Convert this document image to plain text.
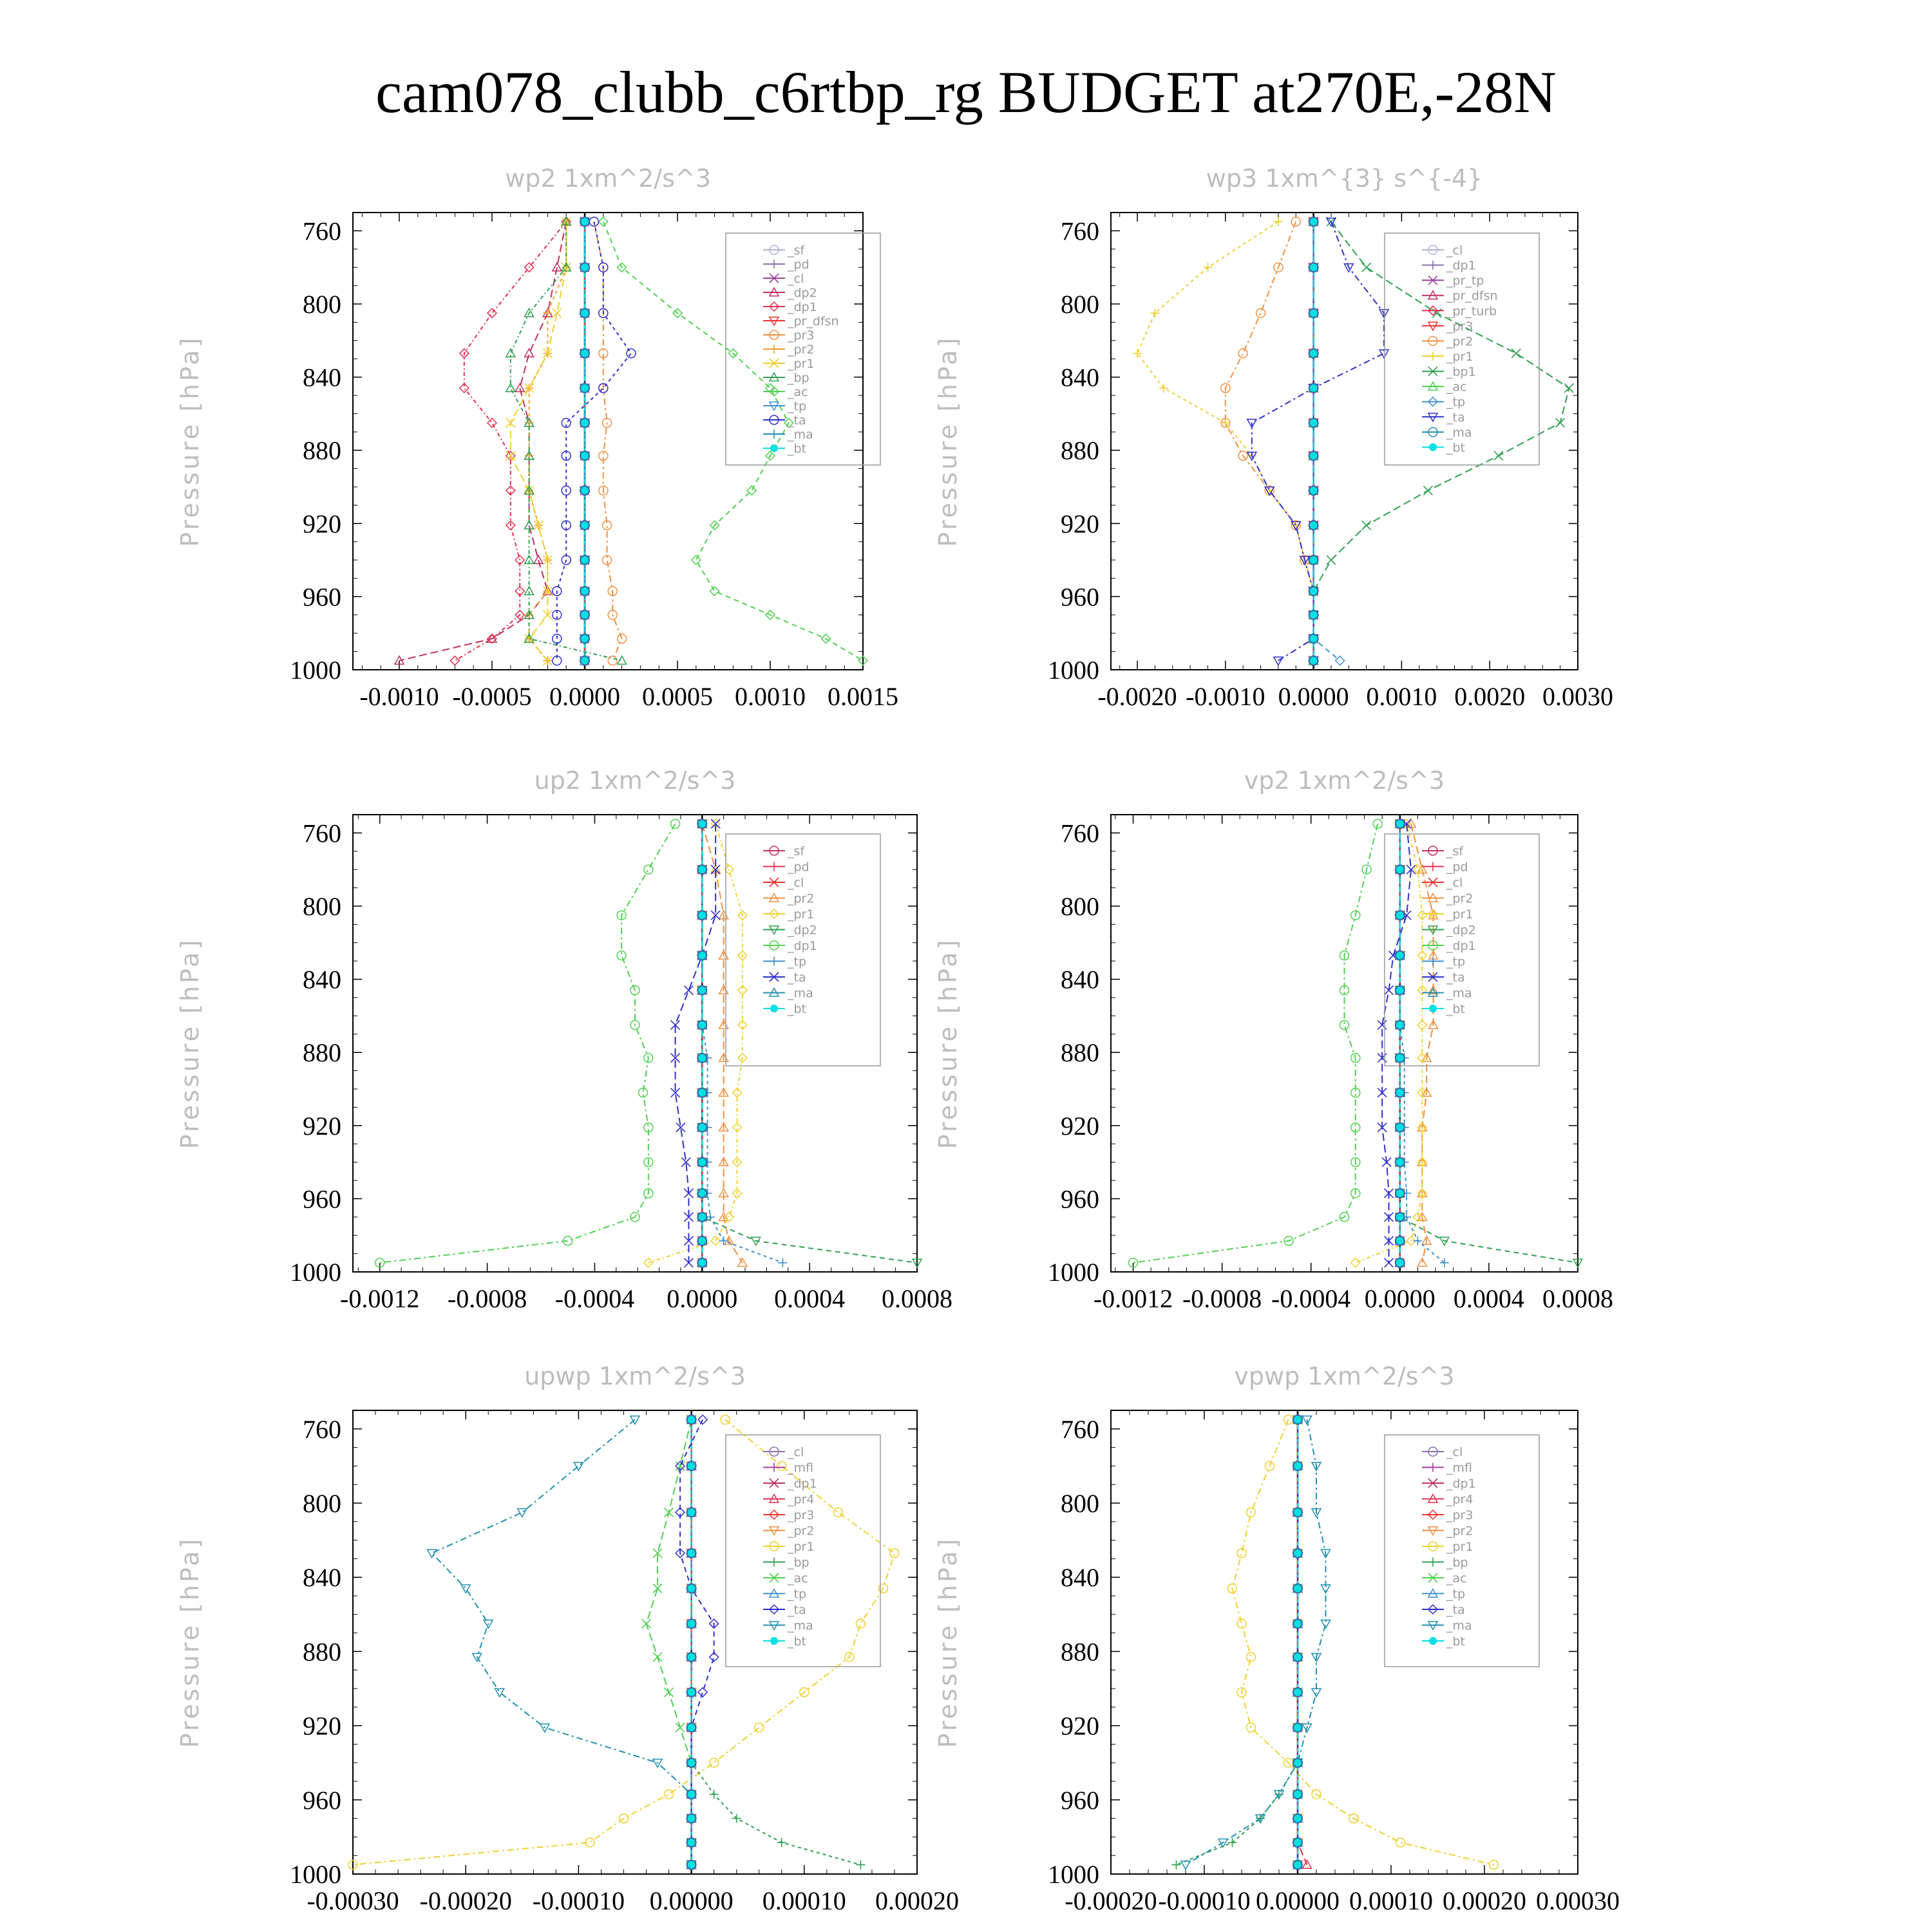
cam078_clubb_c6rtbp_rg BUDGET at270E,-28N
wp2 1xm^2/s^3
Pressure [hPa]
760
800
840
880
920
960
1000
-0.0010 -0.0005 0.0000 0.0005 0.0010 0.0015
_sf
_pd
_cl
_dp2
_dp1
_pr_dfsn
_pr3
_pr2
_pr1
_bp
_ac
_tp
_ta
_ma
_bt
wp3 1xm^{3} s^{-4}
Pressure [hPa]
760
800
840
880
920
960
1000
-0.0020 -0.0010 0.0000 0.0010 0.0020 0.0030
_cl
_dp1
_pr_tp
_pr_dfsn
_pr_turb
_pr3
_pr2
_pr1
_bp1
_ac
_tp
_ta
_ma
_bt
up2 1xm^2/s^3
Pressure [hPa]
760
800
840
880
920
960
1000
-0.0012 -0.0008 -0.0004 0.0000 0.0004 0.0008
_sf
_pd
_cl
_pr2
_pr1
_dp2
_dp1
_tp
_ta
_ma
_bt
vp2 1xm^2/s^3
Pressure [hPa]
760
800
840
880
920
960
1000
-0.0012 -0.0008 -0.0004 0.0000 0.0004 0.0008
_sf
_pd
_cl
_pr2
_pr1
_dp2
_dp1
_tp
_ta
_ma
_bt
upwp 1xm^2/s^3
Pressure [hPa]
760
800
840
880
920
960
1000
-0.00030 -0.00020 -0.00010 0.00000 0.00010 0.00020
_cl
_mfl
_dp1
_pr4
_pr3
_pr2
_pr1
_bp
_ac
_tp
_ta
_ma
_bt
vpwp 1xm^2/s^3
Pressure [hPa]
760
800
840
880
920
960
1000
-0.00020 -0.00010 0.00000 0.00010 0.00020 0.00030
_cl
_mfl
_dp1
_pr4
_pr3
_pr2
_pr1
_bp
_ac
_tp
_ta
_ma
_bt
